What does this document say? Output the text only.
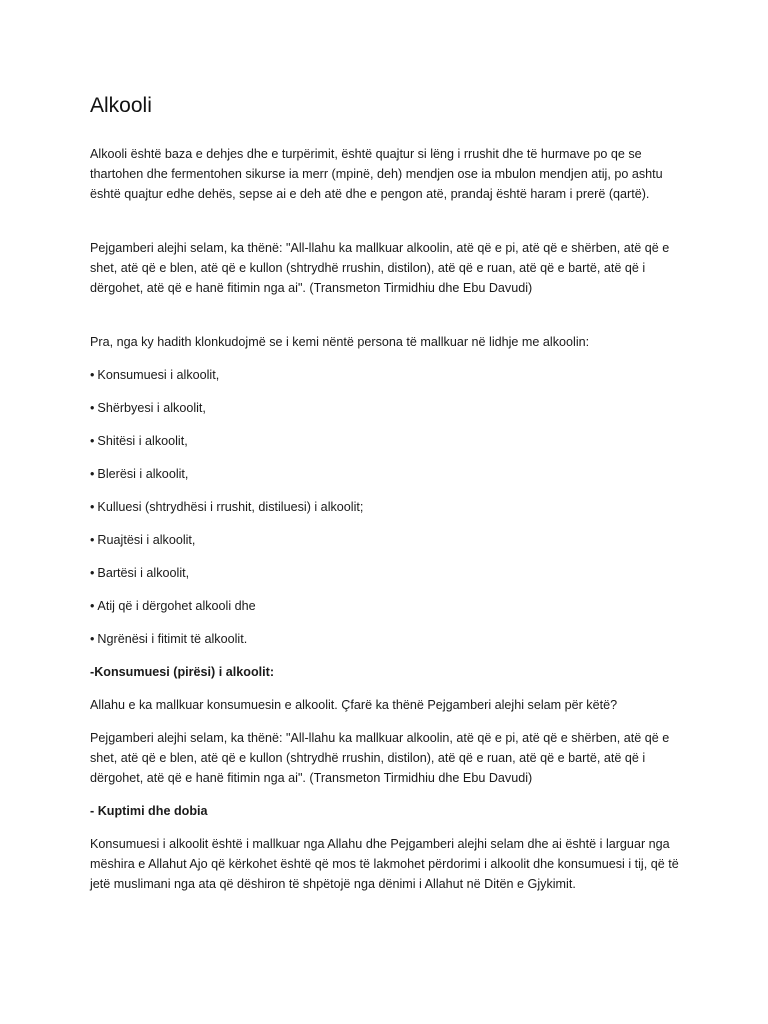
Alkooli

Alkooli është baza e dehjes dhe e turpërimit, është quajtur si lëng i rrushit dhe të hurmave po qe se thartohen dhe fermentohen sikurse ia merr (mpinë, deh) mendjen ose ia mbulon mendjen atij, po ashtu është quajtur edhe dehës, sepse ai e deh atë dhe e pengon atë, prandaj është haram i prerë (qartë).

Pejgamberi alejhi selam, ka thënë: "All-llahu ka mallkuar alkoolin, atë që e pi, atë që e shërben, atë që e shet, atë që e blen, atë që e kullon (shtrydhë rrushin, distilon), atë që e ruan, atë që e bartë, atë që i dërgohet, atë që e hanë fitimin nga ai". (Transmeton Tirmidhiu dhe Ebu Davudi)

Pra, nga ky hadith klonkudojmë se i kemi nëntë persona të mallkuar në lidhje me alkoolin:

• Konsumuesi i alkoolit,
• Shërbyesi i alkoolit,
• Shitësi i alkoolit,
• Blerësi i alkoolit,
• Kulluesi (shtrydhësi i rrushit, distiluesi) i alkoolit;
• Ruajtësi i alkoolit,
• Bartësi i alkoolit,
• Atij që i dërgohet alkooli dhe
• Ngrënësi i fitimit të alkoolit.

-Konsumuesi (pirësi) i alkoolit:

Allahu e ka mallkuar konsumuesin e alkoolit. Çfarë ka thënë Pejgamberi alejhi selam për këtë?

Pejgamberi alejhi selam, ka thënë: "All-llahu ka mallkuar alkoolin, atë që e pi, atë që e shërben, atë që e shet, atë që e blen, atë që e kullon (shtrydhë rrushin, distilon), atë që e ruan, atë që e bartë, atë që i dërgohet, atë që e hanë fitimin nga ai". (Transmeton Tirmidhiu dhe Ebu Davudi)

- Kuptimi dhe dobia

Konsumuesi i alkoolit është i mallkuar nga Allahu dhe Pejgamberi alejhi selam dhe ai është i larguar nga mëshira e Allahut Ajo që kërkohet është që mos të lakmohet përdorimi i alkoolit dhe konsumuesi i tij, që të jetë muslimani nga ata që dëshiron të shpëtojë nga dënimi i Allahut në Ditën e Gjykimit.
